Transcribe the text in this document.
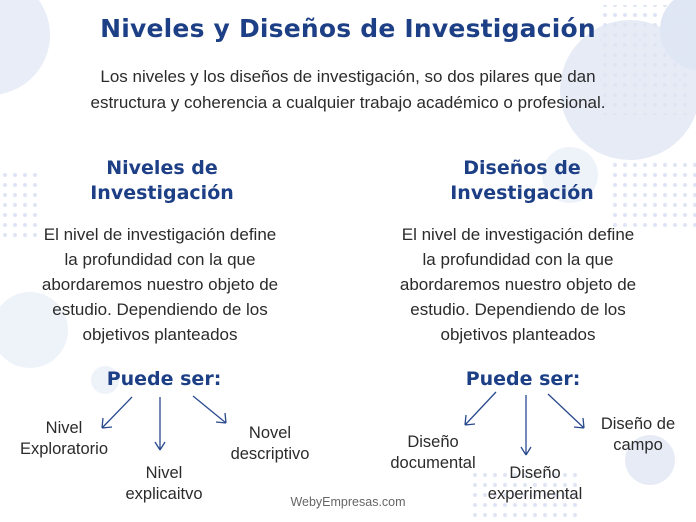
Niveles y Diseños de Investigación
Los niveles y los diseños de investigación, so dos pilares que dan estructura y coherencia a cualquier trabajo académico o profesional.
Niveles de
Investigación
El nivel de investigación define
la profundidad con la que
abordaremos nuestro objeto de
estudio. Dependiendo de los
objetivos planteados
Puede ser:
Nivel
Exploratorio
Nivel
explicaitvo
Novel
descriptivo
Diseños de
Investigación
El nivel de investigación define
la profundidad con la que
abordaremos nuestro objeto de
estudio. Dependiendo de los
objetivos planteados
Puede ser:
Diseño
documental
Diseño
experimental
Diseño de
campo
WebyEmpresas.com
